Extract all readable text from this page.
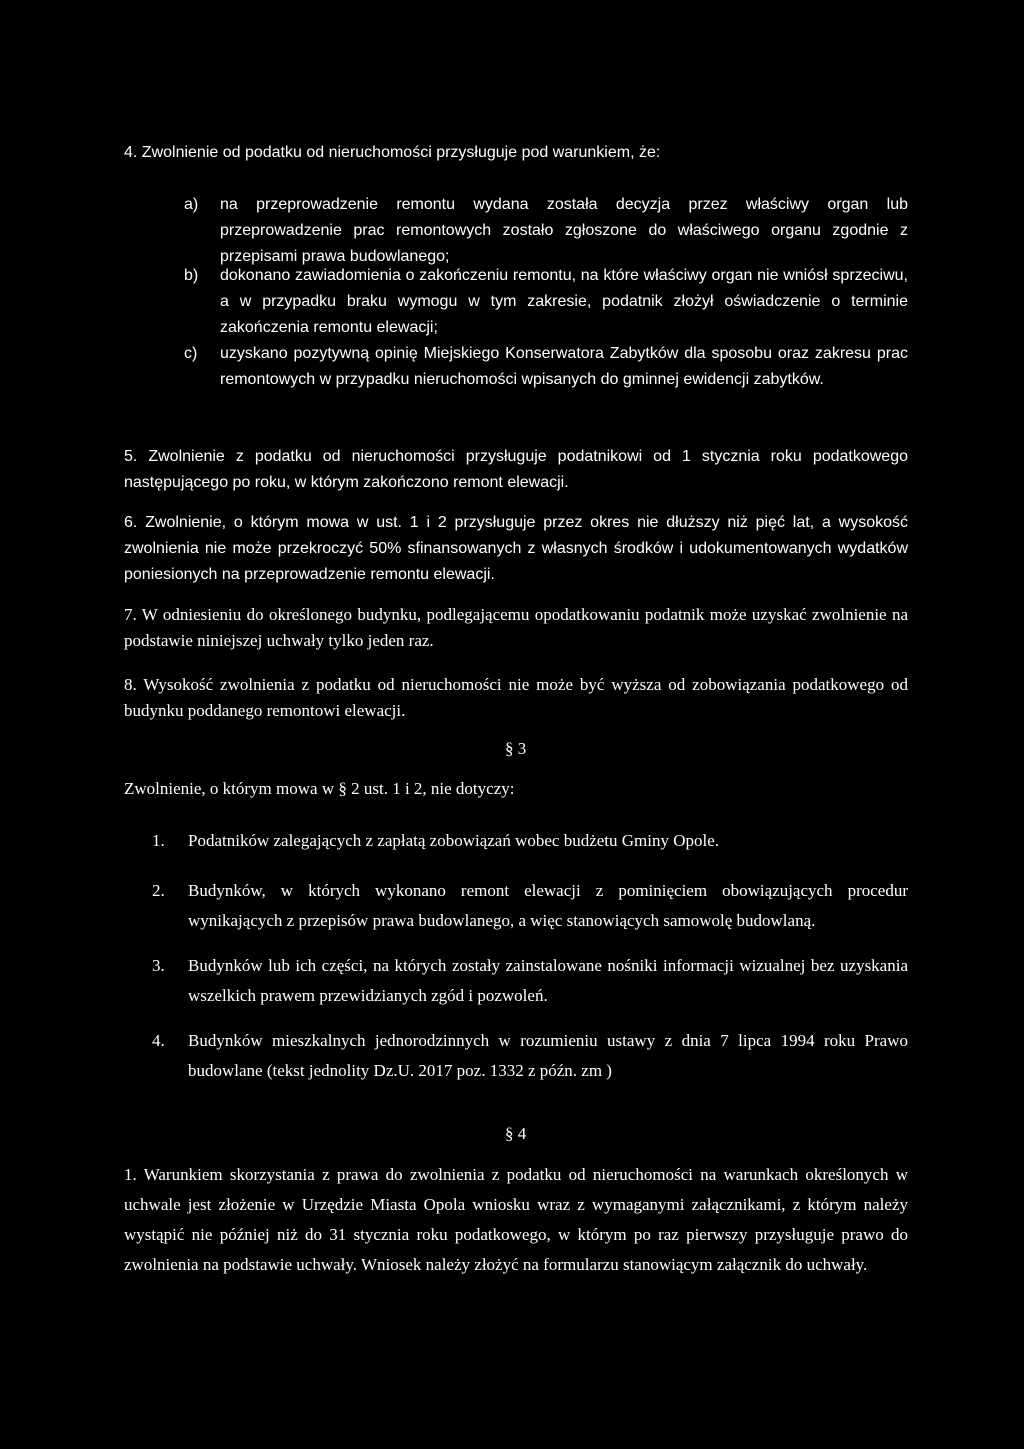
4. Zwolnienie od podatku od nieruchomości przysługuje pod warunkiem, że:

a) na przeprowadzenie remontu wydana została decyzja przez właściwy organ lub przeprowadzenie prac remontowych zostało zgłoszone do właściwego organu zgodnie z przepisami prawa budowlanego;
b) dokonano zawiadomienia o zakończeniu remontu, na które właściwy organ nie wniósł sprzeciwu, a w przypadku braku wymogu w tym zakresie, podatnik złożył oświadczenie o terminie zakończenia remontu elewacji;
c) uzyskano pozytywną opinię Miejskiego Konserwatora Zabytków dla sposobu oraz zakresu prac remontowych w przypadku nieruchomości wpisanych do gminnej ewidencji zabytków.

5. Zwolnienie z podatku od nieruchomości przysługuje podatnikowi od 1 stycznia roku podatkowego następującego po roku, w którym zakończono remont elewacji.

6. Zwolnienie, o którym mowa w ust. 1 i 2 przysługuje przez okres nie dłuższy niż pięć lat, a wysokość zwolnienia nie może przekroczyć 50% sfinansowanych z własnych środków i udokumentowanych wydatków poniesionych na przeprowadzenie remontu elewacji.

7. W odniesieniu do określonego budynku, podlegającemu opodatkowaniu podatnik może uzyskać zwolnienie na podstawie niniejszej uchwały tylko jeden raz.

8. Wysokość zwolnienia z podatku od nieruchomości nie może być wyższa od zobowiązania podatkowego od budynku poddanego remontowi elewacji.

§ 3

Zwolnienie, o którym mowa w § 2 ust. 1 i 2, nie dotyczy:

1. Podatników zalegających z zapłatą zobowiązań wobec budżetu Gminy Opole.
2. Budynków, w których wykonano remont elewacji z pominięciem obowiązujących procedur wynikających z przepisów prawa budowlanego, a więc stanowiących samowolę budowlaną.
3. Budynków lub ich części, na których zostały zainstalowane nośniki informacji wizualnej bez uzyskania wszelkich prawem przewidzianych zgód i pozwoleń.
4. Budynków mieszkalnych jednorodzinnych w rozumieniu ustawy z dnia 7 lipca 1994 roku Prawo budowlane (tekst jednolity Dz.U. 2017 poz. 1332 z późn. zm )
§ 4

1. Warunkiem skorzystania z prawa do zwolnienia z podatku od nieruchomości na warunkach określonych w uchwale jest złożenie w Urzędzie Miasta Opola wniosku wraz z wymaganymi załącznikami, z którym należy wystąpić nie później niż do 31 stycznia roku podatkowego, w którym po raz pierwszy przysługuje prawo do zwolnienia na podstawie uchwały. Wniosek należy złożyć na formularzu stanowiącym załącznik do uchwały.
